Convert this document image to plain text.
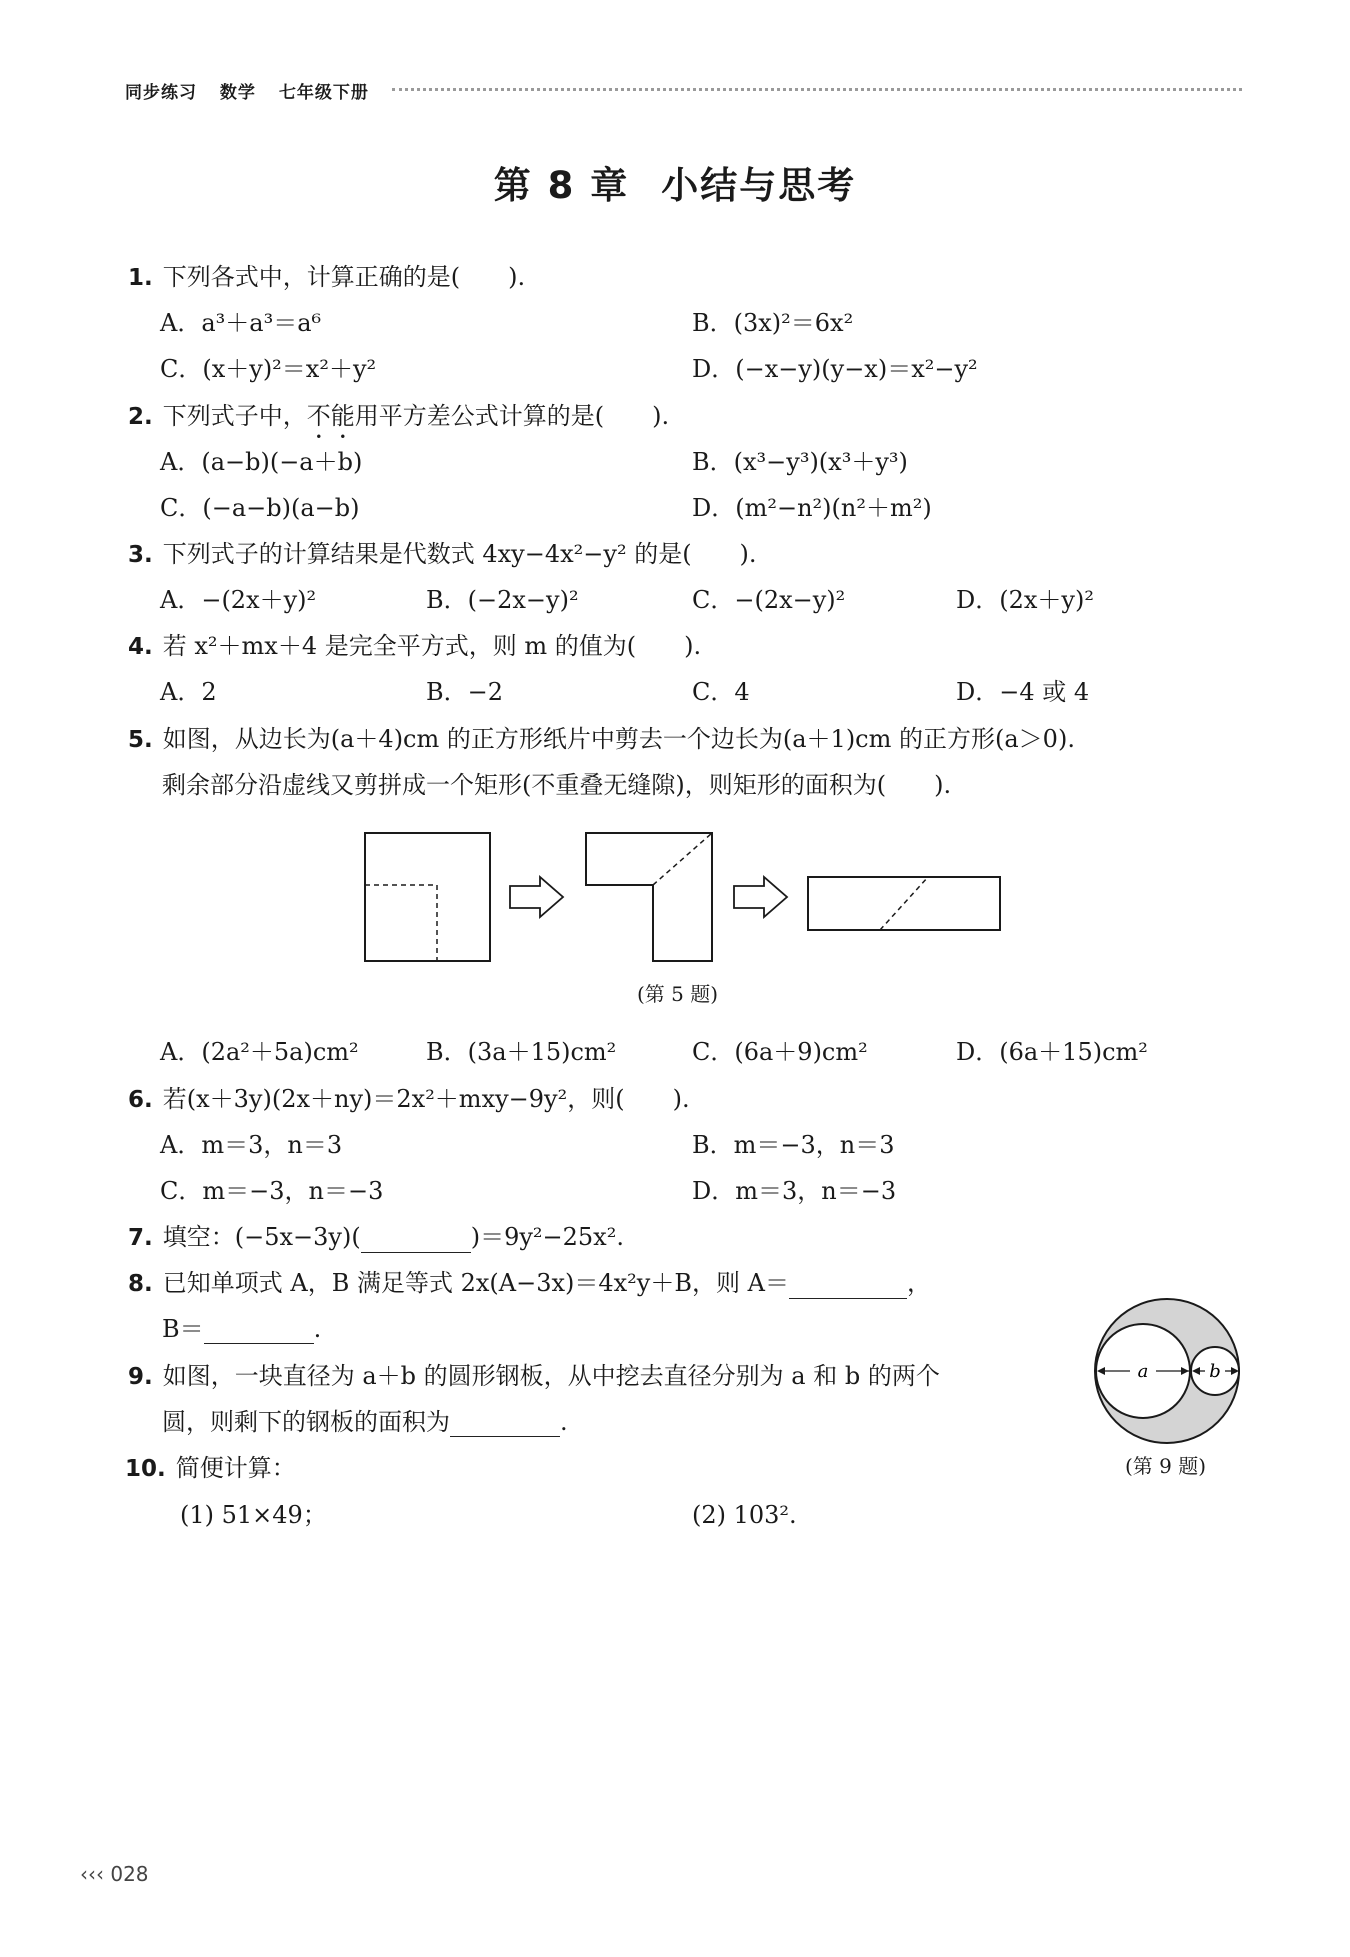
同步练习 数学 七年级下册
第 8 章 小结与思考
1. 下列各式中，计算正确的是(　　).
A．a³＋a³＝a⁶	B．(3x)²＝6x²
C．(x＋y)²＝x²＋y²	D．(−x−y)(y−x)＝x²−y²
2. 下列式子中，不能用平方差公式计算的是(　　).
A．(a−b)(−a＋b)	B．(x³−y³)(x³＋y³)
C．(−a−b)(a−b)	D．(m²−n²)(n²＋m²)
3. 下列式子的计算结果是代数式 4xy−4x²−y² 的是(　　).
A．−(2x＋y)²	B．(−2x−y)²	C．−(2x−y)²	D．(2x＋y)²
4. 若 x²＋mx＋4 是完全平方式，则 m 的值为(　　).
A．2	B．−2	C．4	D．−4 或 4
5. 如图，从边长为(a＋4)cm 的正方形纸片中剪去一个边长为(a＋1)cm 的正方形(a＞0).
剩余部分沿虚线又剪拼成一个矩形(不重叠无缝隙)，则矩形的面积为(　　).
(第 5 题)
A．(2a²＋5a)cm²	B．(3a＋15)cm²	C．(6a＋9)cm²	D．(6a＋15)cm²
6. 若(x＋3y)(2x＋ny)＝2x²＋mxy−9y²，则(　　).
A．m＝3，n＝3	B．m＝−3，n＝3
C．m＝−3，n＝−3	D．m＝3，n＝−3
7. 填空：(−5x−3y)(	)＝9y²−25x².
8. 已知单项式 A，B 满足等式 2x(A−3x)＝4x²y＋B，则 A＝	，
B＝	.
9. 如图，一块直径为 a＋b 的圆形钢板，从中挖去直径分别为 a 和 b 的两个
圆，则剩下的钢板的面积为	.
a	b
(第 9 题)
10. 简便计算：
(1) 51×49；	(2) 103².
‹‹‹ 028
